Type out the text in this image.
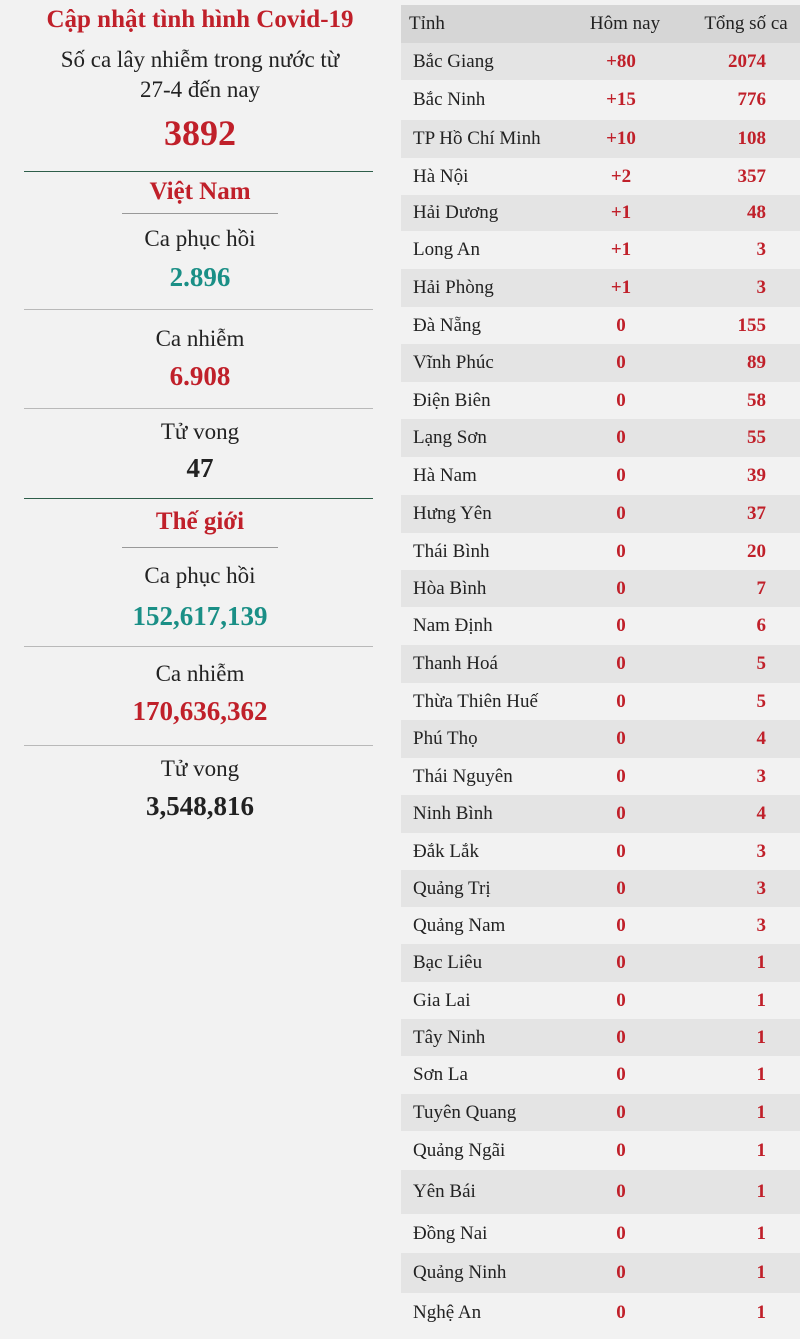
Cập nhật tình hình Covid-19
Số ca lây nhiễm trong nước từ
27-4 đến nay
3892
Việt Nam
Ca phục hồi
2.896
Ca nhiễm
6.908
Tử vong
47
Thế giới
Ca phục hồi
152,617,139
Ca nhiễm
170,636,362
Tử vong
3,548,816
Tỉnh	Hôm nay	Tổng số ca
Bắc Giang	+80	2074
Bắc Ninh	+15	776
TP Hồ Chí Minh	+10	108
Hà Nội	+2	357
Hải Dương	+1	48
Long An	+1	3
Hải Phòng	+1	3
Đà Nẵng	0	155
Vĩnh Phúc	0	89
Điện Biên	0	58
Lạng Sơn	0	55
Hà Nam	0	39
Hưng Yên	0	37
Thái Bình	0	20
Hòa Bình	0	7
Nam Định	0	6
Thanh Hoá	0	5
Thừa Thiên Huế	0	5
Phú Thọ	0	4
Thái Nguyên	0	3
Ninh Bình	0	4
Đắk Lắk	0	3
Quảng Trị	0	3
Quảng Nam	0	3
Bạc Liêu	0	1
Gia Lai	0	1
Tây Ninh	0	1
Sơn La	0	1
Tuyên Quang	0	1
Quảng Ngãi	0	1
Yên Bái	0	1
Đồng Nai	0	1
Quảng Ninh	0	1
Nghệ An	0	1
